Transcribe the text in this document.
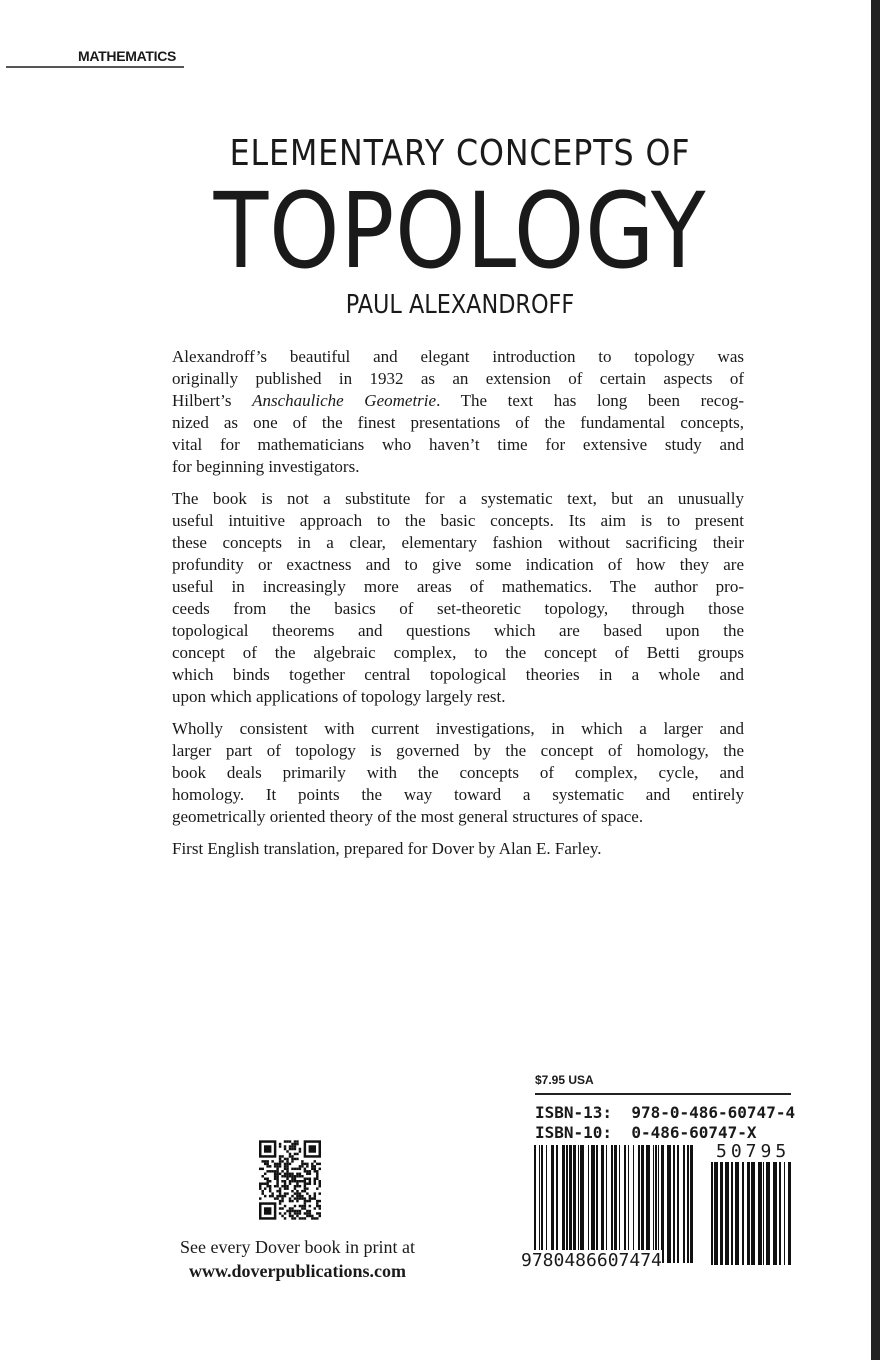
MATHEMATICS
ELEMENTARY CONCEPTS OF
TOPOLOGY
PAUL ALEXANDROFF
Alexandroff’s beautiful and elegant introduction to topology was
originally published in 1932 as an extension of certain aspects of
Hilbert’s Anschauliche Geometrie. The text has long been recog-
nized as one of the finest presentations of the fundamental concepts,
vital for mathematicians who haven’t time for extensive study and
for beginning investigators.
The book is not a substitute for a systematic text, but an unusually
useful intuitive approach to the basic concepts. Its aim is to present
these concepts in a clear, elementary fashion without sacrificing their
profundity or exactness and to give some indication of how they are
useful in increasingly more areas of mathematics. The author pro-
ceeds from the basics of set-theoretic topology, through those
topological theorems and questions which are based upon the
concept of the algebraic complex, to the concept of Betti groups
which binds together central topological theories in a whole and
upon which applications of topology largely rest.
Wholly consistent with current investigations, in which a larger and
larger part of topology is governed by the concept of homology, the
book deals primarily with the concepts of complex, cycle, and
homology. It points the way toward a systematic and entirely
geometrically oriented theory of the most general structures of space.
First English translation, prepared for Dover by Alan E. Farley.
See every Dover book in print at
www.doverpublications.com
$7.95 USA
ISBN-13:  978-0-486-60747-4
ISBN-10:  0-486-60747-X
50795
9780486607474
